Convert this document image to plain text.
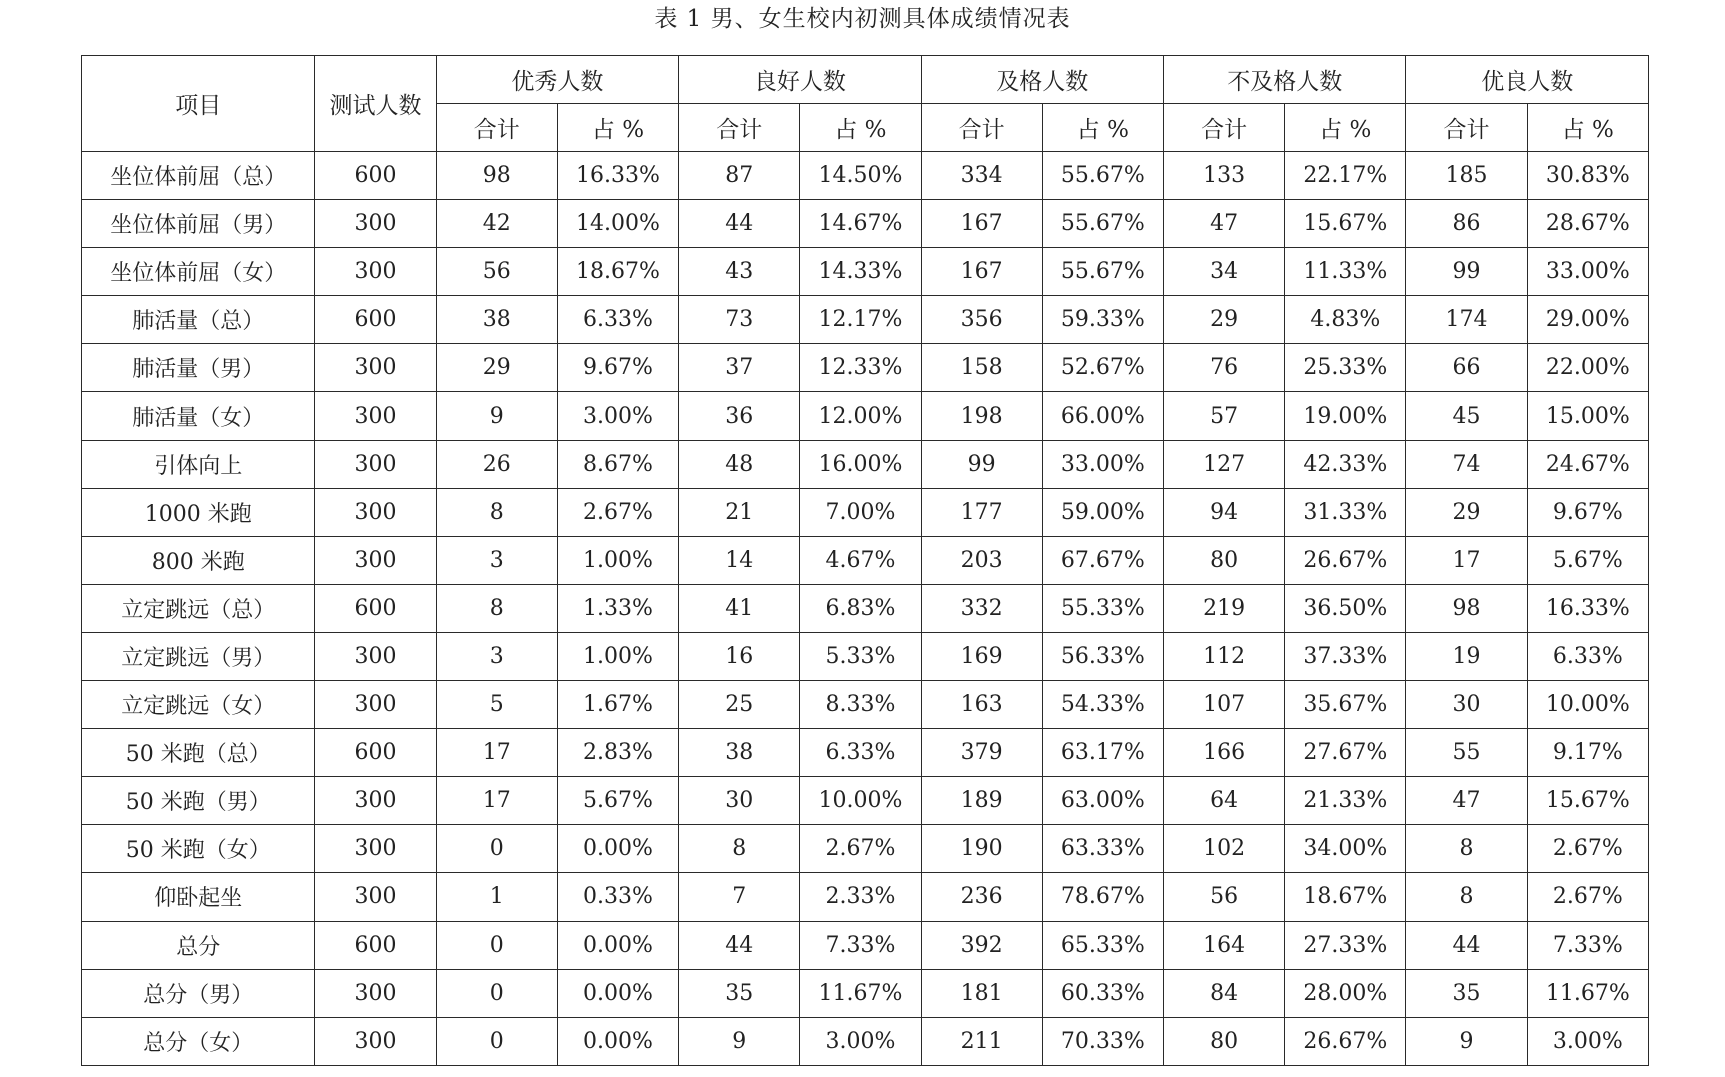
表 1 男、女生校内初测具体成绩情况表
项目	测试人数	优秀人数		良好人数		及格人数		不及格人数		优良人数	
		合计	占 %	合计	占 %	合计	占 %	合计	占 %	合计	占 %
坐位体前屈（总）	600	98	16.33%	87	14.50%	334	55.67%	133	22.17%	185	30.83%
坐位体前屈（男）	300	42	14.00%	44	14.67%	167	55.67%	47	15.67%	86	28.67%
坐位体前屈（女）	300	56	18.67%	43	14.33%	167	55.67%	34	11.33%	99	33.00%
肺活量（总）	600	38	6.33%	73	12.17%	356	59.33%	29	4.83%	174	29.00%
肺活量（男）	300	29	9.67%	37	12.33%	158	52.67%	76	25.33%	66	22.00%
肺活量（女）	300	9	3.00%	36	12.00%	198	66.00%	57	19.00%	45	15.00%
引体向上	300	26	8.67%	48	16.00%	99	33.00%	127	42.33%	74	24.67%
1000 米跑	300	8	2.67%	21	7.00%	177	59.00%	94	31.33%	29	9.67%
800 米跑	300	3	1.00%	14	4.67%	203	67.67%	80	26.67%	17	5.67%
立定跳远（总）	600	8	1.33%	41	6.83%	332	55.33%	219	36.50%	98	16.33%
立定跳远（男）	300	3	1.00%	16	5.33%	169	56.33%	112	37.33%	19	6.33%
立定跳远（女）	300	5	1.67%	25	8.33%	163	54.33%	107	35.67%	30	10.00%
50 米跑（总）	600	17	2.83%	38	6.33%	379	63.17%	166	27.67%	55	9.17%
50 米跑（男）	300	17	5.67%	30	10.00%	189	63.00%	64	21.33%	47	15.67%
50 米跑（女）	300	0	0.00%	8	2.67%	190	63.33%	102	34.00%	8	2.67%
仰卧起坐	300	1	0.33%	7	2.33%	236	78.67%	56	18.67%	8	2.67%
总分	600	0	0.00%	44	7.33%	392	65.33%	164	27.33%	44	7.33%
总分（男）	300	0	0.00%	35	11.67%	181	60.33%	84	28.00%	35	11.67%
总分（女）	300	0	0.00%	9	3.00%	211	70.33%	80	26.67%	9	3.00%
